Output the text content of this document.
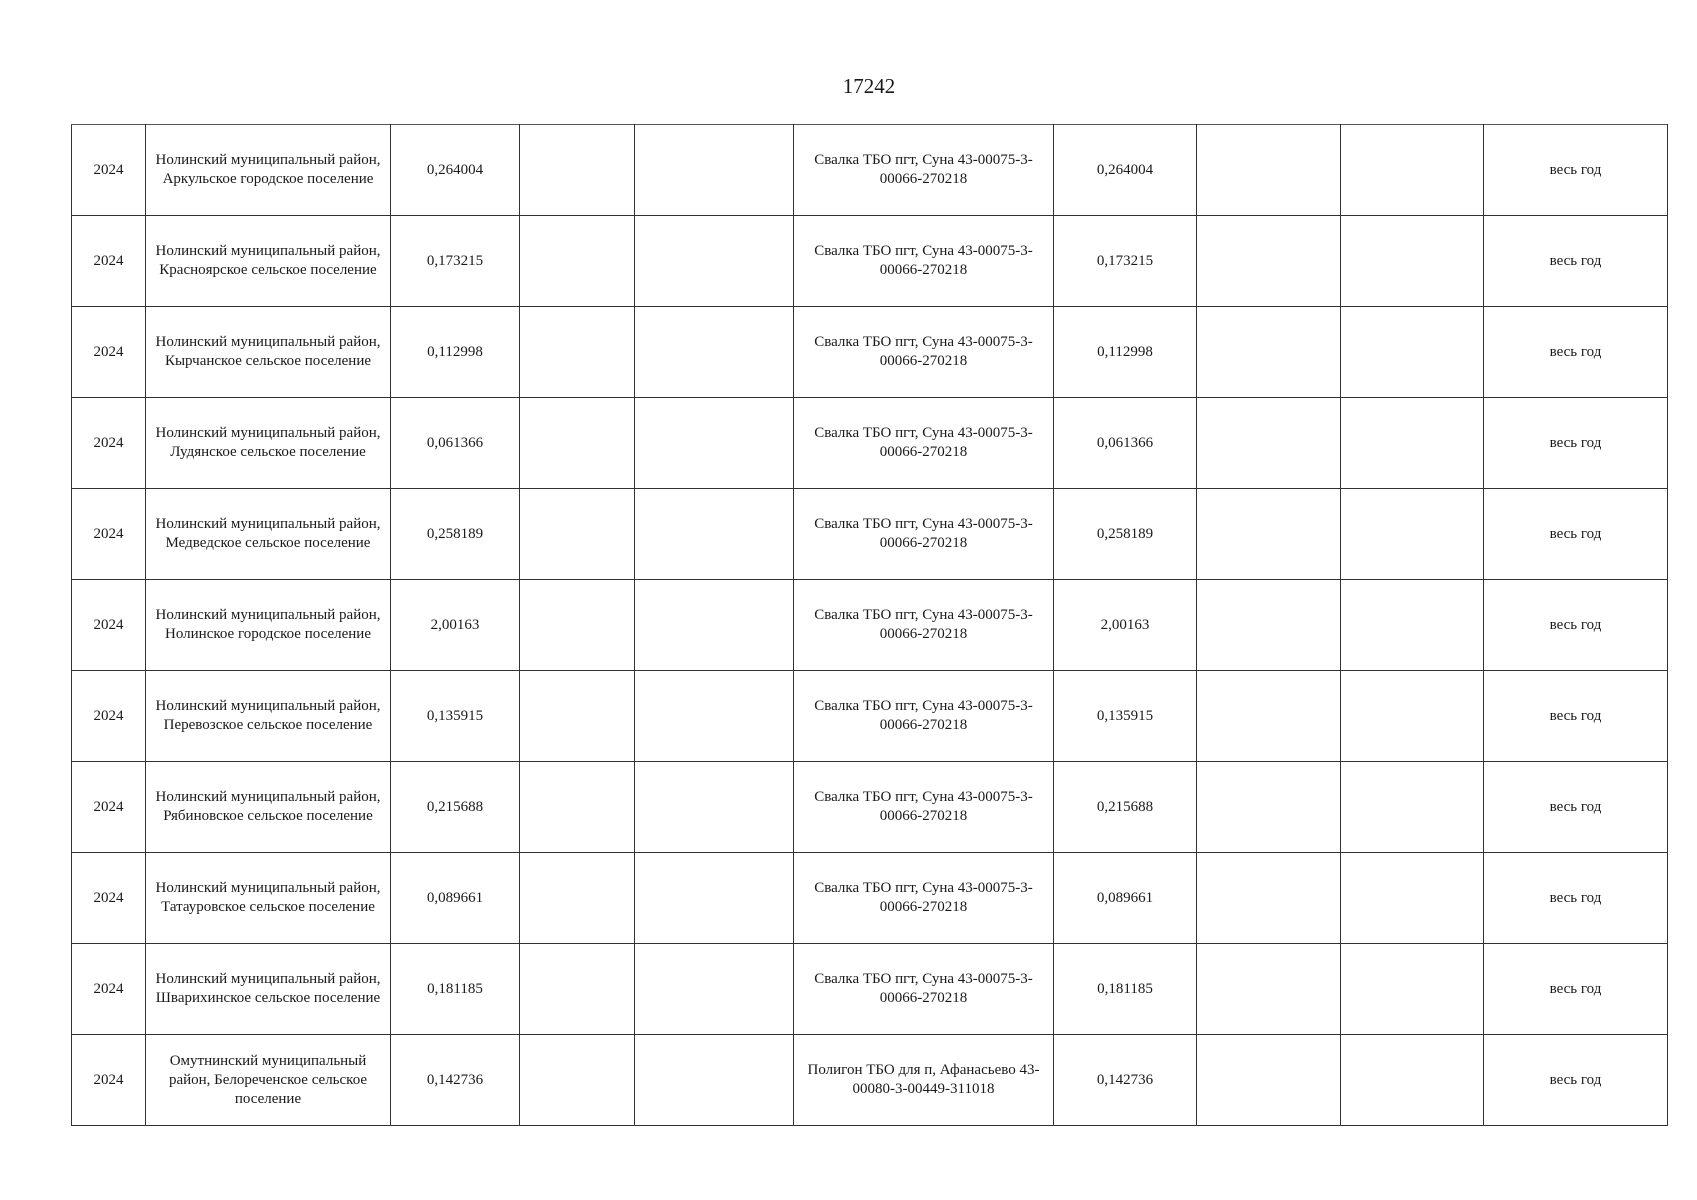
17242
2024	Нолинский муниципальный район, Аркульское городское поселение	0,264004			Свалка ТБО пгт, Суна 43-00075-3-00066-270218	0,264004			весь год
2024	Нолинский муниципальный район, Краснoярское сельское поселение	0,173215			Свалка ТБО пгт, Суна 43-00075-3-00066-270218	0,173215			весь год
2024	Нолинский муниципальный район, Кырчанское сельское поселение	0,112998			Свалка ТБО пгт, Суна 43-00075-3-00066-270218	0,112998			весь год
2024	Нолинский муниципальный район, Лудянское сельское поселение	0,061366			Свалка ТБО пгт, Суна 43-00075-3-00066-270218	0,061366			весь год
2024	Нолинский муниципальный район, Медведское сельское поселение	0,258189			Свалка ТБО пгт, Суна 43-00075-3-00066-270218	0,258189			весь год
2024	Нолинский муниципальный район, Нолинское городское поселение	2,00163			Свалка ТБО пгт, Суна 43-00075-3-00066-270218	2,00163			весь год
2024	Нолинский муниципальный район, Перевозское сельское поселение	0,135915			Свалка ТБО пгт, Суна 43-00075-3-00066-270218	0,135915			весь год
2024	Нолинский муниципальный район, Рябиновское сельское поселение	0,215688			Свалка ТБО пгт, Суна 43-00075-3-00066-270218	0,215688			весь год
2024	Нолинский муниципальный район, Татауровское сельское поселение	0,089661			Свалка ТБО пгт, Суна 43-00075-3-00066-270218	0,089661			весь год
2024	Нолинский муниципальный район, Шварихинское сельское поселение	0,181185			Свалка ТБО пгт, Суна 43-00075-3-00066-270218	0,181185			весь год
2024	Омутнинский муниципальный район, Белореченское сельское поселение	0,142736			Полигон ТБО для п, Афанасьево 43-00080-3-00449-311018	0,142736			весь год
